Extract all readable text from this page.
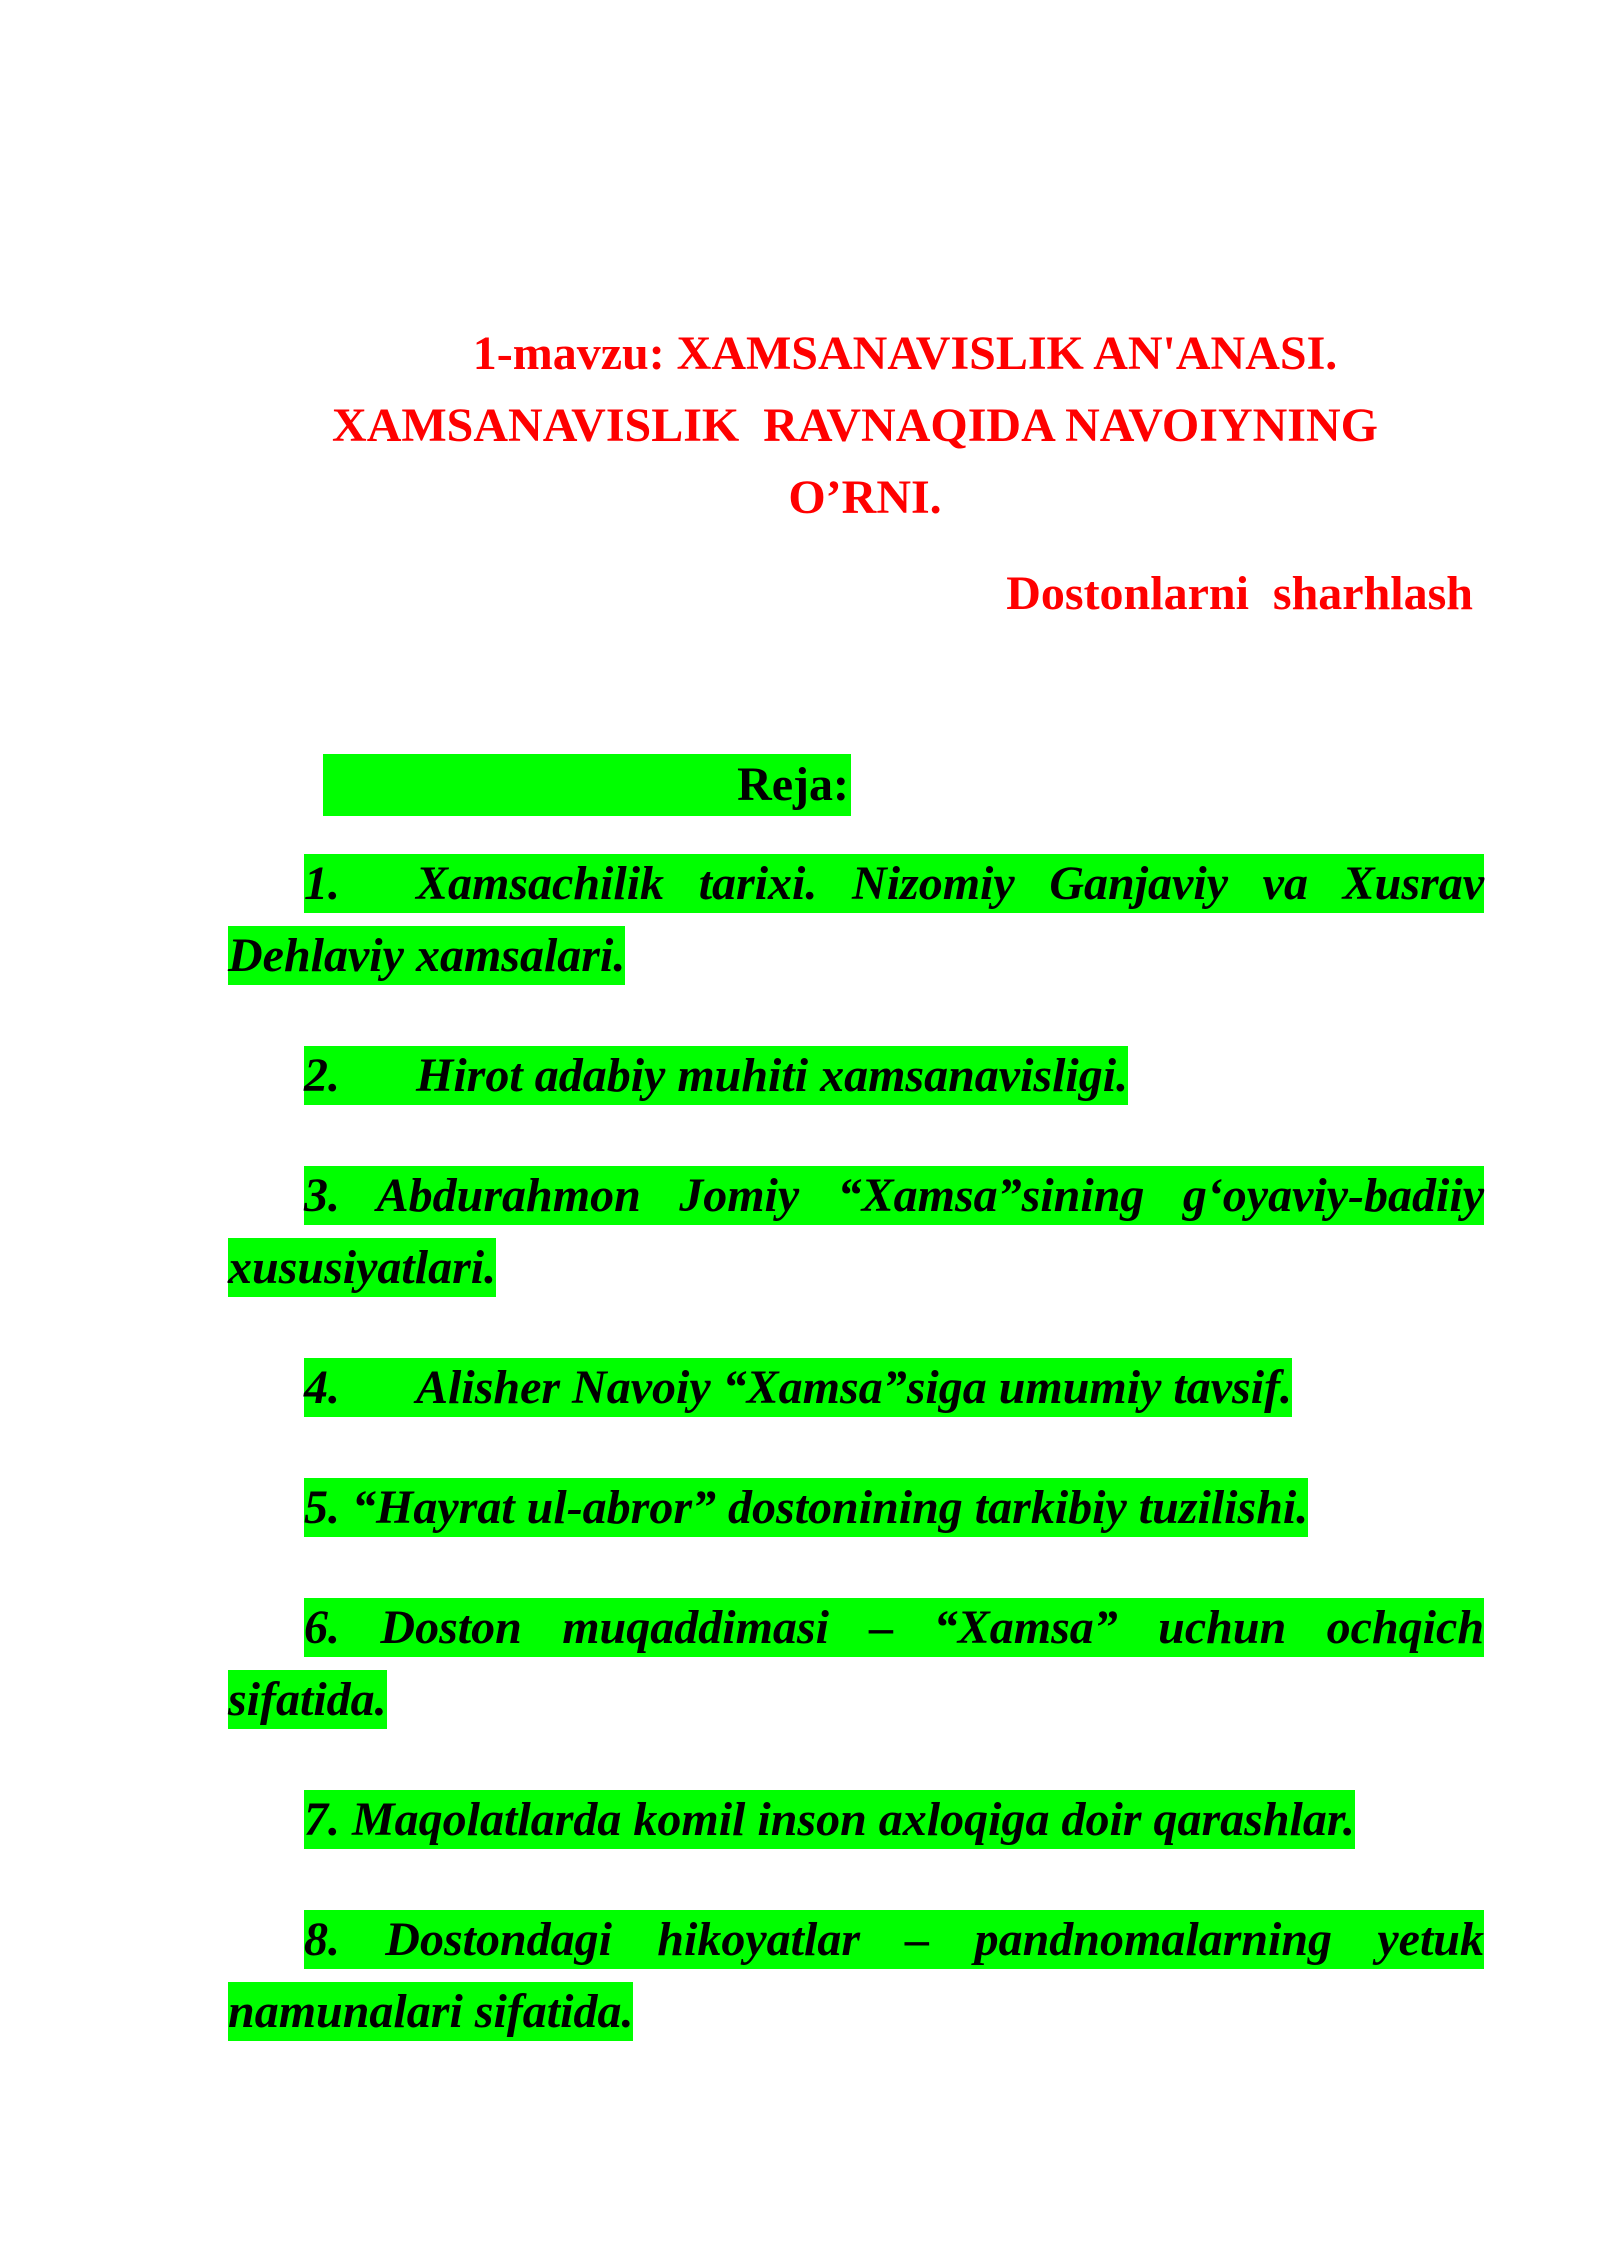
1-mavzu: XAMSANAVISLIK AN'ANASI.
XAMSANAVISLIK  RAVNAQIDA NAVOIYNING
O’RNI.
Dostonlarni  sharhlash
Reja:

1. Xamsachilik tarixi. Nizomiy Ganjaviy va Xusrav Dehlaviy xamsalari.

2. Hirot adabiy muhiti xamsanavisligi.

3. Abdurahmon Jomiy “Xamsa”sining g‘oyaviy-badiiy xususiyatlari.

4. Alisher Navoiy “Xamsa”siga umumiy tavsif.

5. “Hayrat ul-abror” dostonining tarkibiy tuzilishi.

6. Doston muqaddimasi – “Xamsa” uchun ochqich sifatida.

7. Maqolatlarda komil inson axloqiga doir qarashlar.

8. Dostondagi hikoyatlar – pandnomalarning yetuk namunalari sifatida.
